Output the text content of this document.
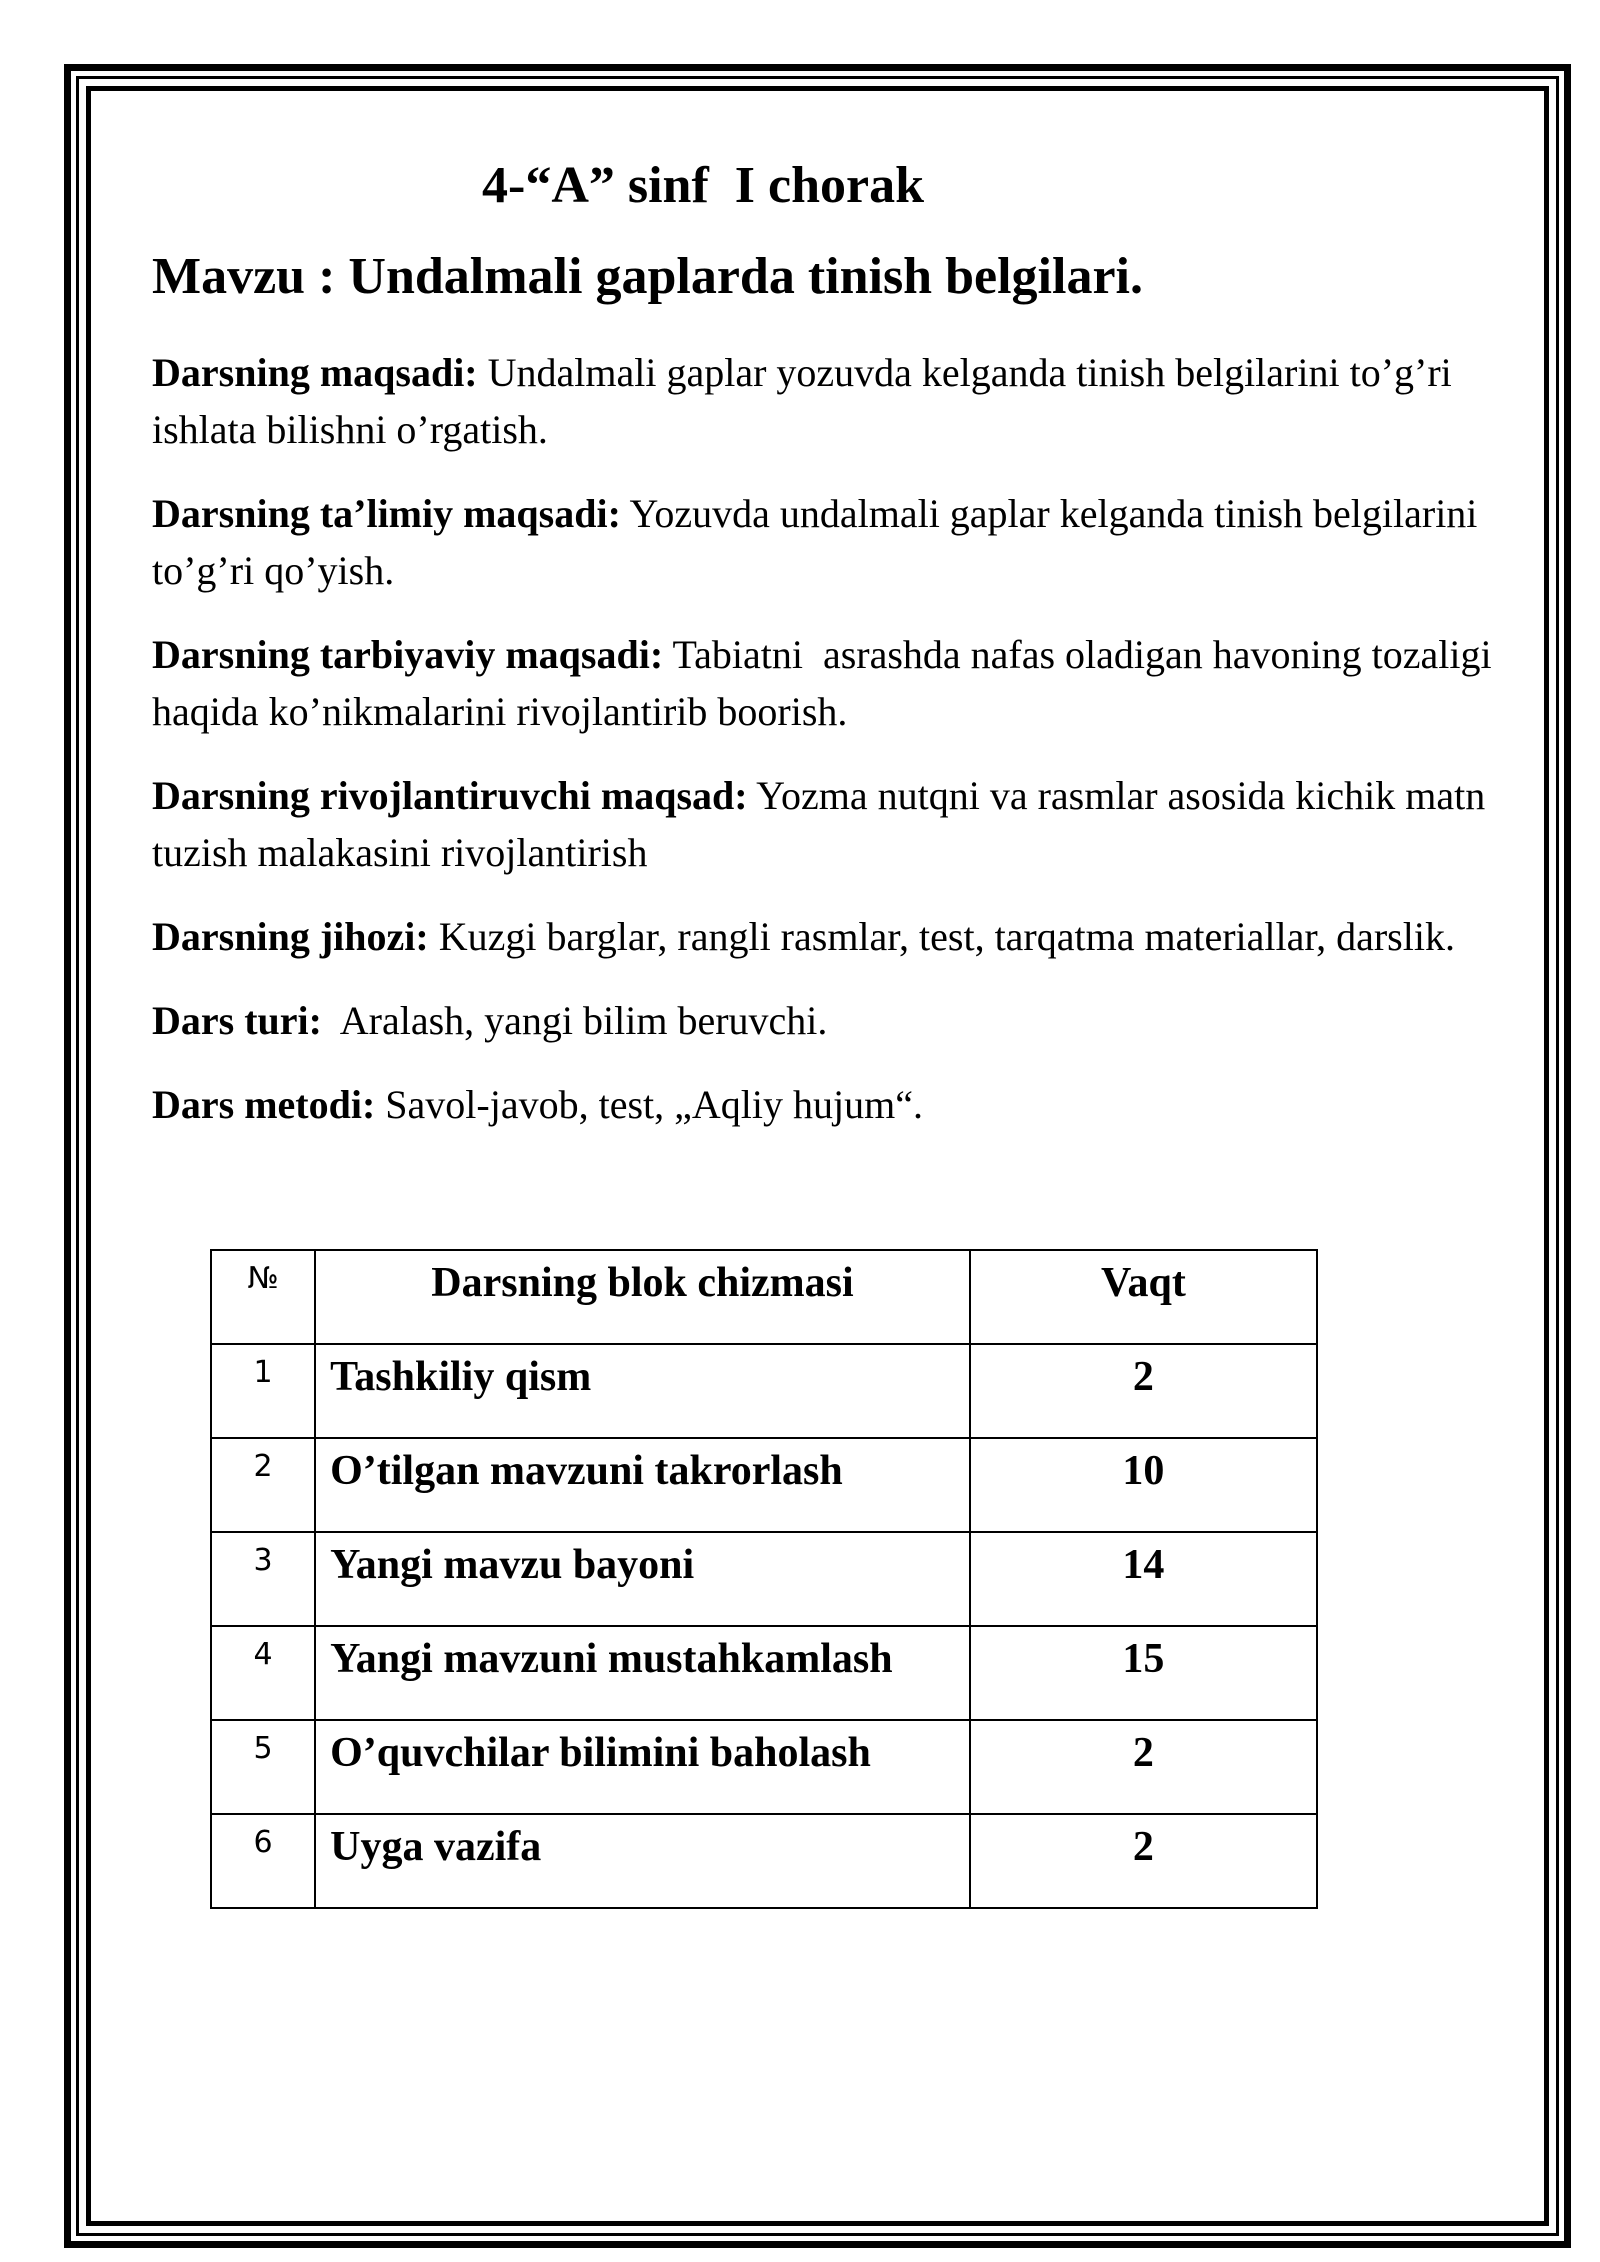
4-“A” sinf  I chorak
Mavzu : Undalmali gaplarda tinish belgilari.

Darsning maqsadi: Undalmali gaplar yozuvda kelganda tinish belgilarini to’g’ri ishlata bilishni o’rgatish.

Darsning ta’limiy maqsadi: Yozuvda undalmali gaplar kelganda tinish belgilarini to’g’ri qo’yish.

Darsning tarbiyaviy maqsadi: Tabiatni  asrashda nafas oladigan havoning tozaligi haqida ko’nikmalarini rivojlantirib boorish.

Darsning rivojlantiruvchi maqsad: Yozma nutqni va rasmlar asosida kichik matn tuzish malakasini rivojlantirish

Darsning jihozi: Kuzgi barglar, rangli rasmlar, test, tarqatma materiallar, darslik.

Dars turi:  Aralash, yangi bilim beruvchi.

Dars metodi: Savol-javob, test, „Aqliy hujum“.

№	Darsning blok chizmasi	Vaqt
1	Tashkiliy qism	2
2	O’tilgan mavzuni takrorlash	10
3	Yangi mavzu bayoni	14
4	Yangi mavzuni mustahkamlash	15
5	O’quvchilar bilimini baholash	2
6	Uyga vazifa	2
